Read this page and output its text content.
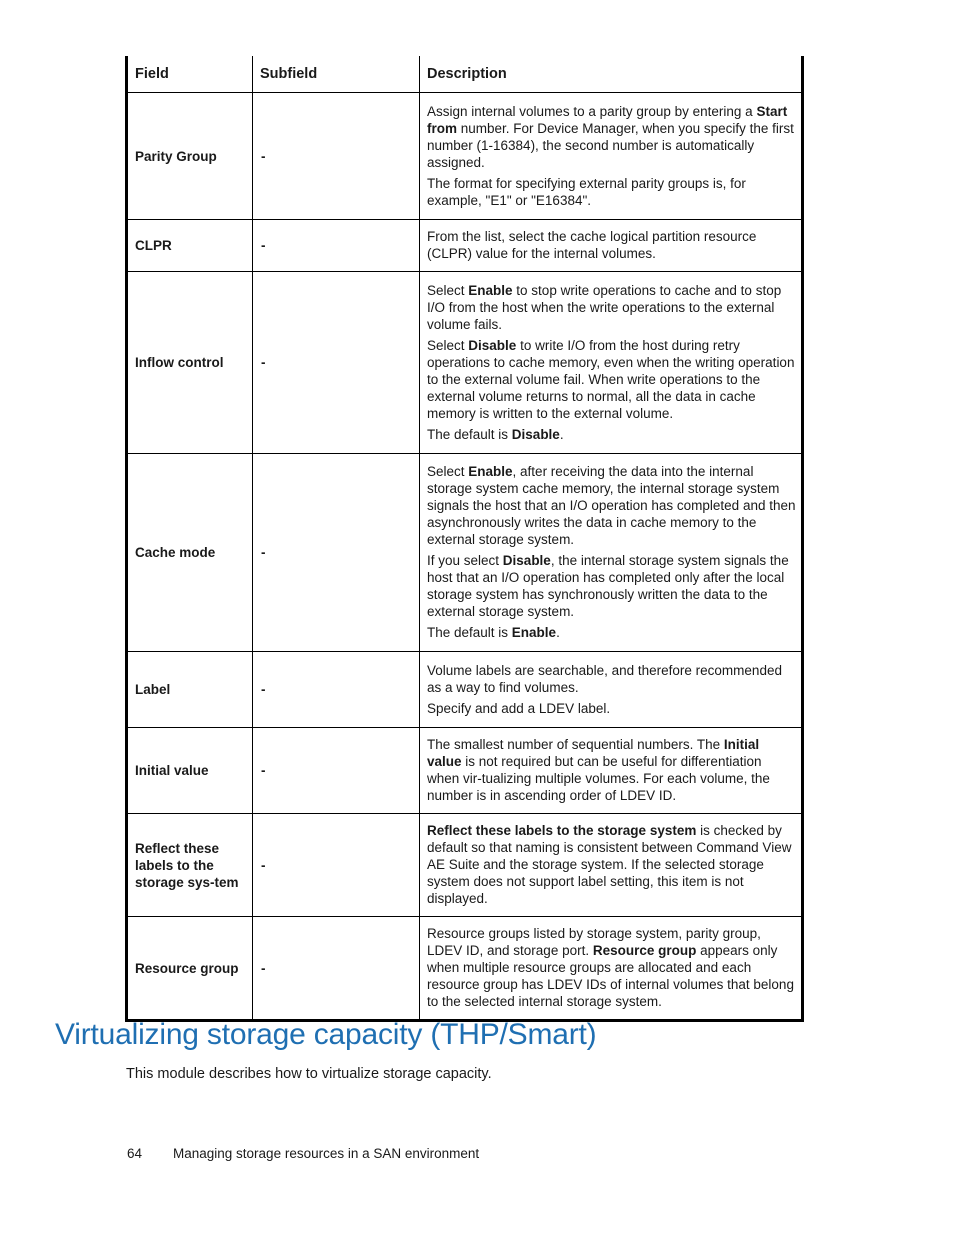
Field	Subfield	Description
Parity Group	-	Assign internal volumes to a parity group by entering a Start from number. For Device Manager, when you specify the first number (1-16384), the second number is automatically assigned.

The format for specifying external parity groups is, for example, "E1" or "E16384".

CLPR	-	From the list, select the cache logical partition resource (CLPR) value for the internal volumes.

Inflow control	-	Select Enable to stop write operations to cache and to stop I/O from the host when the write operations to the external volume fails.

Select Disable to write I/O from the host during retry operations to cache memory, even when the writing operation to the external volume fail. When write operations to the external volume returns to normal, all the data in cache memory is written to the external volume.

The default is Disable.

Cache mode	-	Select Enable, after receiving the data into the internal storage system cache memory, the internal storage system signals the host that an I/O operation has completed and then asynchronously writes the data in cache memory to the external storage system.

If you select Disable, the internal storage system signals the host that an I/O operation has completed only after the local storage system has synchronously written the data to the external storage system.

The default is Enable.

Label	-	Volume labels are searchable, and therefore recommended as a way to find volumes.

Specify and add a LDEV label.

Initial value	-	The smallest number of sequential numbers. The Initial value is not required but can be useful for differentiation when vir-tualizing multiple volumes. For each volume, the number is in ascending order of LDEV ID.

Reflect these labels to the storage sys-tem	-	Reflect these labels to the storage system is checked by default so that naming is consistent between Command View AE Suite and the storage system. If the selected storage system does not support label setting, this item is not displayed.

Resource group	-	Resource groups listed by storage system, parity group, LDEV ID, and storage port. Resource group appears only when multiple resource groups are allocated and each resource group has LDEV IDs of internal volumes that belong to the selected internal storage system.

Virtualizing storage capacity (THP/Smart)

This module describes how to virtualize storage capacity.

64 Managing storage resources in a SAN environment
